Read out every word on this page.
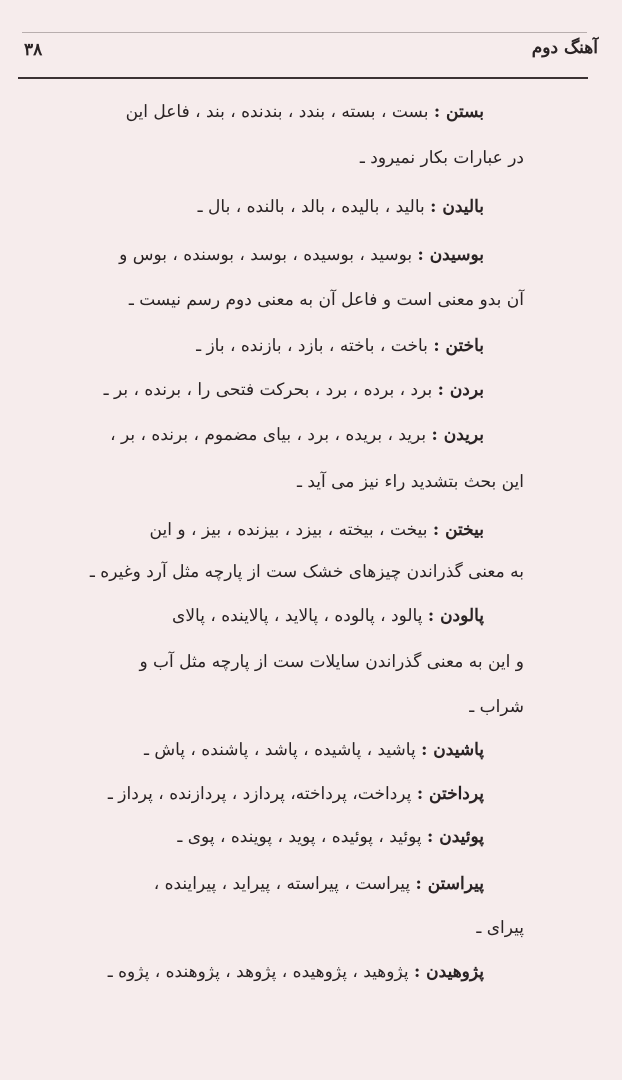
آهنگ دوم
۳۸
بستن : بست ، بسته ، بندد ، بندنده ، بند ، فاعل این
در عبارات بکار نمیرود ـ
بالیدن : بالید ، بالیده ، بالد ، بالنده ، بال ـ
بوسیدن : بوسید ، بوسیده ، بوسد ، بوسنده ، بوس و
آن بدو معنی است و فاعل آن به معنی دوم رسم نیست ـ
باختن : باخت ، باخته ، بازد ، بازنده ، باز ـ
بردن : برد ، برده ، برد ، بحرکت فتحی را ، برنده ، بر ـ
بریدن : برید ، بریده ، برد ، بیای مضموم ، برنده ، بر ،
این بحث بتشدید راء نیز می آید ـ
بیختن : بیخت ، بیخته ، بیزد ، بیزنده ، بیز ، و این
به معنی گذراندن چیزهای خشک ست از پارچه مثل آرد وغیره ـ
پالودن : پالود ، پالوده ، پالاید ، پالاینده ، پالای
و این به معنی گذراندن سایلات ست از پارچه مثل آب و
شراب ـ
پاشیدن : پاشید ، پاشیده ، پاشد ، پاشنده ، پاش ـ
پرداختن : پرداخت، پرداخته، پردازد ، پردازنده ، پرداز ـ
پوئیدن : پوئید ، پوئیده ، پوید ، پوینده ، پوی ـ
پیراستن : پیراست ، پیراسته ، پیراید ، پیراینده ،
پیرای ـ
پژوهیدن : پژوهید ، پژوهیده ، پژوهد ، پژوهنده ، پژوه ـ
